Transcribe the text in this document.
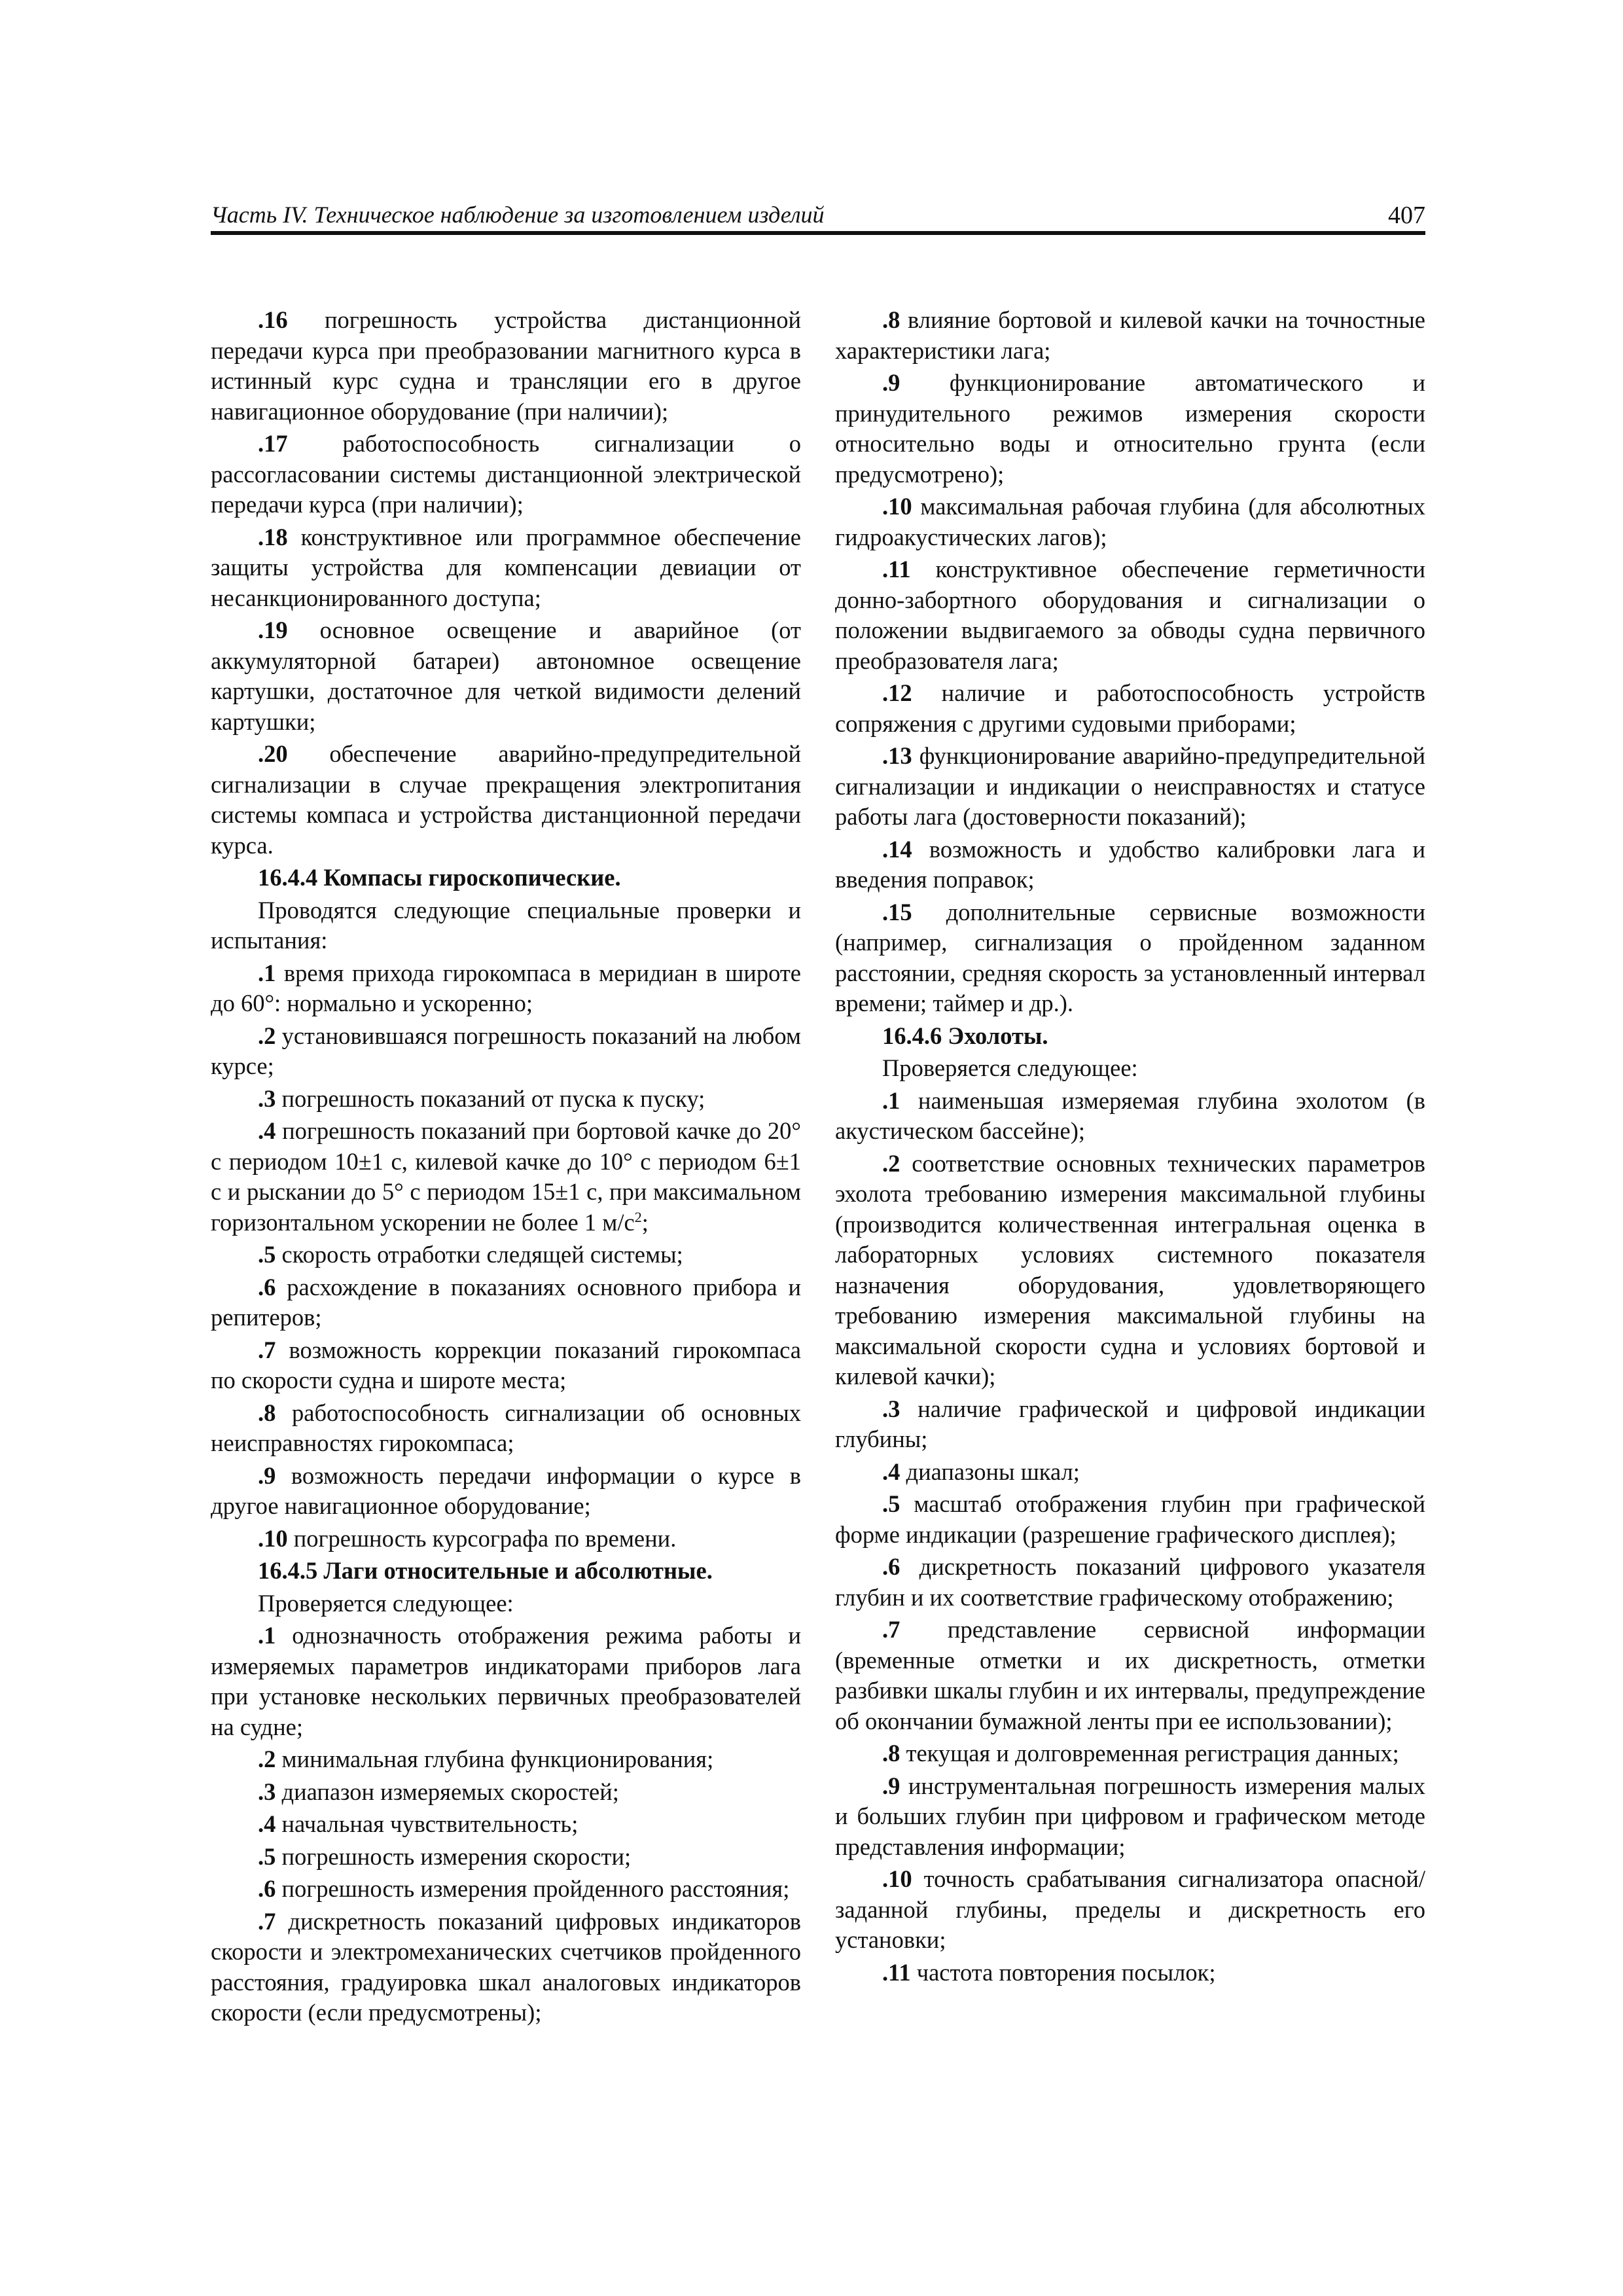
Часть IV. Техническое наблюдение за изготовлением изделий	407

.16 погрешность устройства дистанционной передачи курса при преобразовании магнитного курса в истинный курс судна и трансляции его в другое навигационное оборудование (при наличии);

.17 работоспособность сигнализации о рассогласовании системы дистанционной электрической передачи курса (при наличии);

.18 конструктивное или программное обеспечение защиты устройства для компенсации девиации от несанкционированного доступа;

.19 основное освещение и аварийное (от аккумуляторной батареи) автономное освещение картушки, достаточное для четкой видимости делений картушки;

.20 обеспечение аварийно-предупредительной сигнализации в случае прекращения электропитания системы компаса и устройства дистанционной передачи курса.

16.4.4 Компасы гироскопические.

Проводятся следующие специальные проверки и испытания:

.1 время прихода гирокомпаса в меридиан в широте до 60°: нормально и ускоренно;

.2 установившаяся погрешность показаний на любом курсе;

.3 погрешность показаний от пуска к пуску;

.4 погрешность показаний при бортовой качке до 20° с периодом 10±1 с, килевой качке до 10° с периодом 6±1 с и рыскании до 5° с периодом 15±1 с, при максимальном горизонтальном ускорении не более 1 $м/с^2$;

.5 скорость отработки следящей системы;

.6 расхождение в показаниях основного прибора и репитеров;

.7 возможность коррекции показаний гирокомпаса по скорости судна и широте места;

.8 работоспособность сигнализации об основных неисправностях гирокомпаса;

.9 возможность передачи информации о курсе в другое навигационное оборудование;

.10 погрешность курсографа по времени.

16.4.5 Лаги относительные и абсолютные.

Проверяется следующее:

.1 однозначность отображения режима работы и измеряемых параметров индикаторами приборов лага при установке нескольких первичных преобразователей на судне;

.2 минимальная глубина функционирования;

.3 диапазон измеряемых скоростей;

.4 начальная чувствительность;

.5 погрешность измерения скорости;

.6 погрешность измерения пройденного расстояния;

.7 дискретность показаний цифровых индикаторов скорости и электромеханических счетчиков пройденного расстояния, градуировка шкал аналоговых индикаторов скорости (если предусмотрены);

.8 влияние бортовой и килевой качки на точностные характеристики лага;

.9 функционирование автоматического и принудительного режимов измерения скорости относительно воды и относительно грунта (если предусмотрено);

.10 максимальная рабочая глубина (для абсолютных гидроакустических лагов);

.11 конструктивное обеспечение герметичности донно-забортного оборудования и сигнализации о положении выдвигаемого за обводы судна первичного преобразователя лага;

.12 наличие и работоспособность устройств сопряжения с другими судовыми приборами;

.13 функционирование аварийно-предупредительной сигнализации и индикации о неисправностях и статусе работы лага (достоверности показаний);

.14 возможность и удобство калибровки лага и введения поправок;

.15 дополнительные сервисные возможности (например, сигнализация о пройденном заданном расстоянии, средняя скорость за установленный интервал времени; таймер и др.).

16.4.6 Эхолоты.

Проверяется следующее:

.1 наименьшая измеряемая глубина эхолотом (в акустическом бассейне);

.2 соответствие основных технических параметров эхолота требованию измерения максимальной глубины (производится количественная интегральная оценка в лабораторных условиях системного показателя назначения оборудования, удовлетворяющего требованию измерения максимальной глубины на максимальной скорости судна и условиях бортовой и килевой качки);

.3 наличие графической и цифровой индикации глубины;

.4 диапазоны шкал;

.5 масштаб отображения глубин при графической форме индикации (разрешение графического дисплея);

.6 дискретность показаний цифрового указателя глубин и их соответствие графическому отображению;

.7 представление сервисной информации (временные отметки и их дискретность, отметки разбивки шкалы глубин и их интервалы, предупреждение об окончании бумажной ленты при ее использовании);

.8 текущая и долговременная регистрация данных;

.9 инструментальная погрешность измерения малых и больших глубин при цифровом и графическом методе представления информации;

.10 точность срабатывания сигнализатора опасной/заданной глубины, пределы и дискретность его установки;

.11 частота повторения посылок;
